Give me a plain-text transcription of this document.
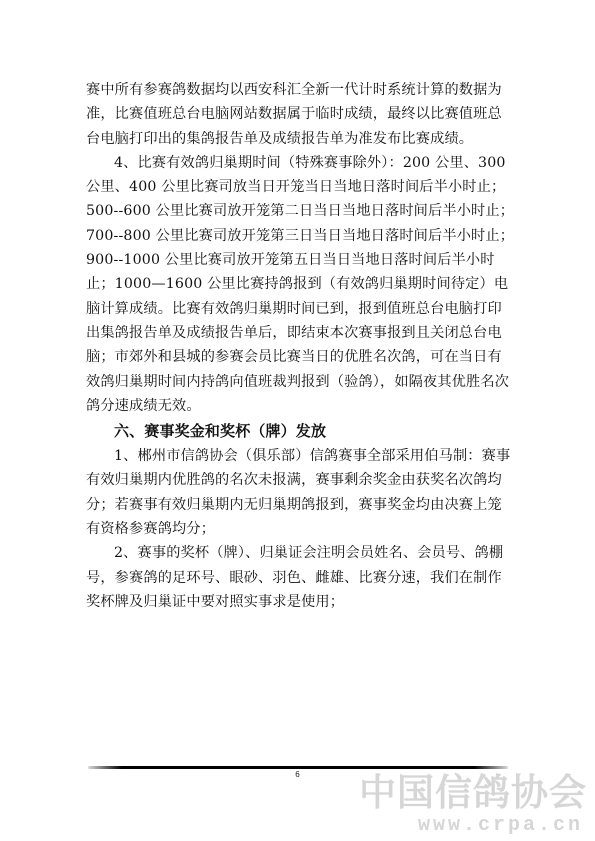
赛中所有参赛鸽数据均以西安科汇全新一代计时系统计算的数据为准，比赛值班总台电脑网站数据属于临时成绩，最终以比赛值班总台电脑打印出的集鸽报告单及成绩报告单为准发布比赛成绩。

4、比赛有效鸽归巢期时间（特殊赛事除外）：200 公里、300 公里、400 公里比赛司放当日开笼当日当地日落时间后半小时止；500--600 公里比赛司放开笼第二日当日当地日落时间后半小时止；700--800 公里比赛司放开笼第三日当日当地日落时间后半小时止；900--1000 公里比赛司放开笼第五日当日当地日落时间后半小时止；1000—1600 公里比赛持鸽报到（有效鸽归巢期时间待定）电脑计算成绩。比赛有效鸽归巢期时间已到，报到值班总台电脑打印出集鸽报告单及成绩报告单后，即结束本次赛事报到且关闭总台电脑；市郊外和县城的参赛会员比赛当日的优胜名次鸽，可在当日有效鸽归巢期时间内持鸽向值班裁判报到（验鸽），如隔夜其优胜名次鸽分速成绩无效。

六、赛事奖金和奖杯（牌）发放

1、郴州市信鸽协会（俱乐部）信鸽赛事全部采用伯马制：赛事有效归巢期内优胜鸽的名次未报满，赛事剩余奖金由获奖名次鸽均分；若赛事有效归巢期内无归巢期鸽报到，赛事奖金均由决赛上笼有资格参赛鸽均分；

2、赛事的奖杯（牌）、归巢证会注明会员姓名、会员号、鸽棚号，参赛鸽的足环号、眼砂、羽色、雌雄、比赛分速，我们在制作奖杯牌及归巢证中要对照实事求是使用；

6	中国信鸽协会
www.crpa.cn
